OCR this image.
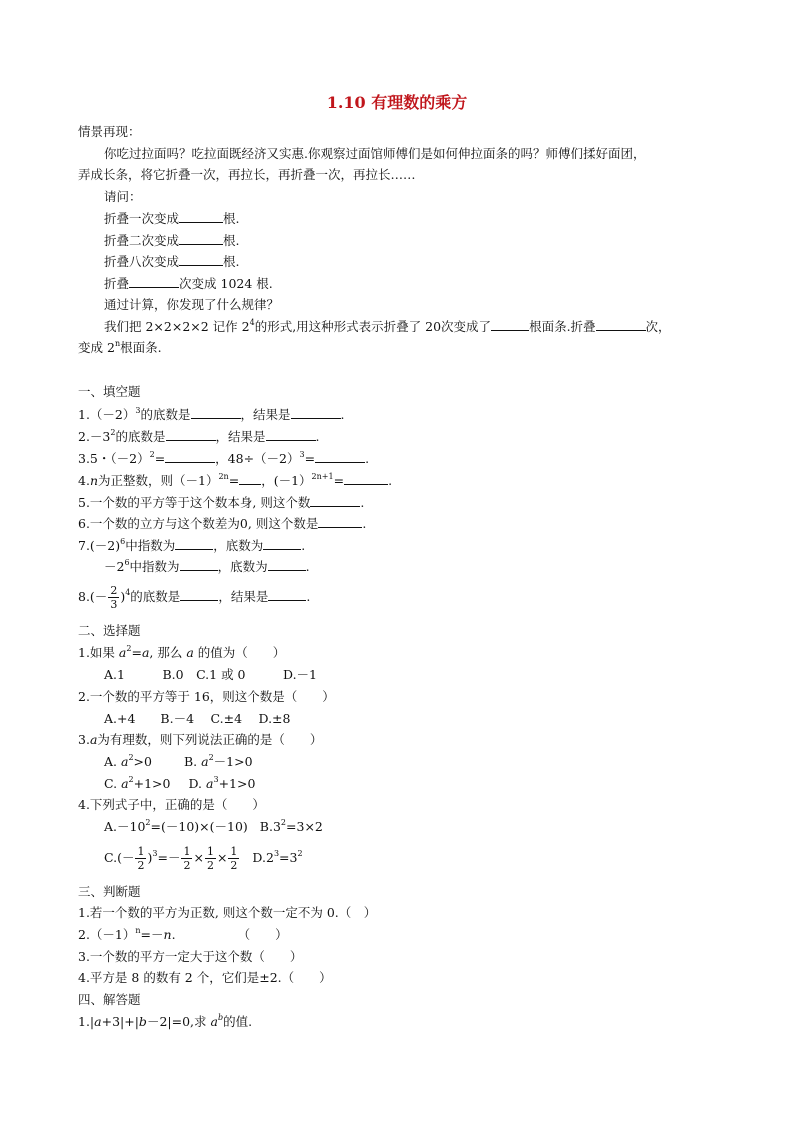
1.10 有理数的乘方
情景再现：
你吃过拉面吗？吃拉面既经济又实惠.你观察过面馆师傅们是如何伸拉面条的吗？师傅们揉好面团，
弄成长条，将它折叠一次，再拉长，再折叠一次，再拉长……
请问：
折叠一次变成	根.
折叠二次变成	根.
折叠八次变成	根.
折叠	次变成 1024 根.
通过计算，你发现了什么规律？
我们把 2×2×2×2 记作 $2^4$的形式,用这种形式表示折叠了 20次变成了	根面条.折叠	次，
变成 2$^n$根面条.
一、填空题
$1.(-2)^3$的底数是	，结果是	.
$2.-3^2$的底数是	，结果是	.
3.5・$(-2)^2=$	，$48\div(-2)^3=$	.
4.n为正整数，则$(-1)^{2n}=$ ，(－1）$^{2n+1}$=	.
5.一个数的平方等于这个数本身, 则这个数	.
6.一个数的立方与这个数差为0, 则这个数是	.
$7.(-2)^6$中指数为	，底数为	.
$-2^6$中指数为	，底数为	.
$8.(- \frac{2}{3} )^4$的底数是	，结果是	.
二、选择题
1.如果 $a^2=a$, 那么 a 的值为（　　）
A.1　　　B.0　C.1 或 0　　　D.－1
2.一个数的平方等于 16，则这个数是（　　）
A.+4　　B.－4　 C.±4　 D.±8
3.a为有理数，则下列说法正确的是（　　）
A. $a^2>0$	B. $a^2-1>0$
C. $a^2+1>0$ D. $a^3+1>0$
4.下列式子中，正确的是（　　）
$A.-10^2=(-10)\times(-10)$ $B.3^2=3\times 2$
$C.(- \frac{1}{2} )^3=- \frac{1}{2} \times \frac{1}{2} \times \frac{1}{2} D.2^3=3^2$
三、判断题
1.若一个数的平方为正数, 则这个数一定不为 0.（　）
$2.(-1)^n=-n$.	（　　）
3.一个数的平方一定大于这个数（　　）
4.平方是 8 的数有 2 个，它们是±2.（　　）
四、解答题
1.|a+3|+|b－2|=0,求 $a^b$的值.
